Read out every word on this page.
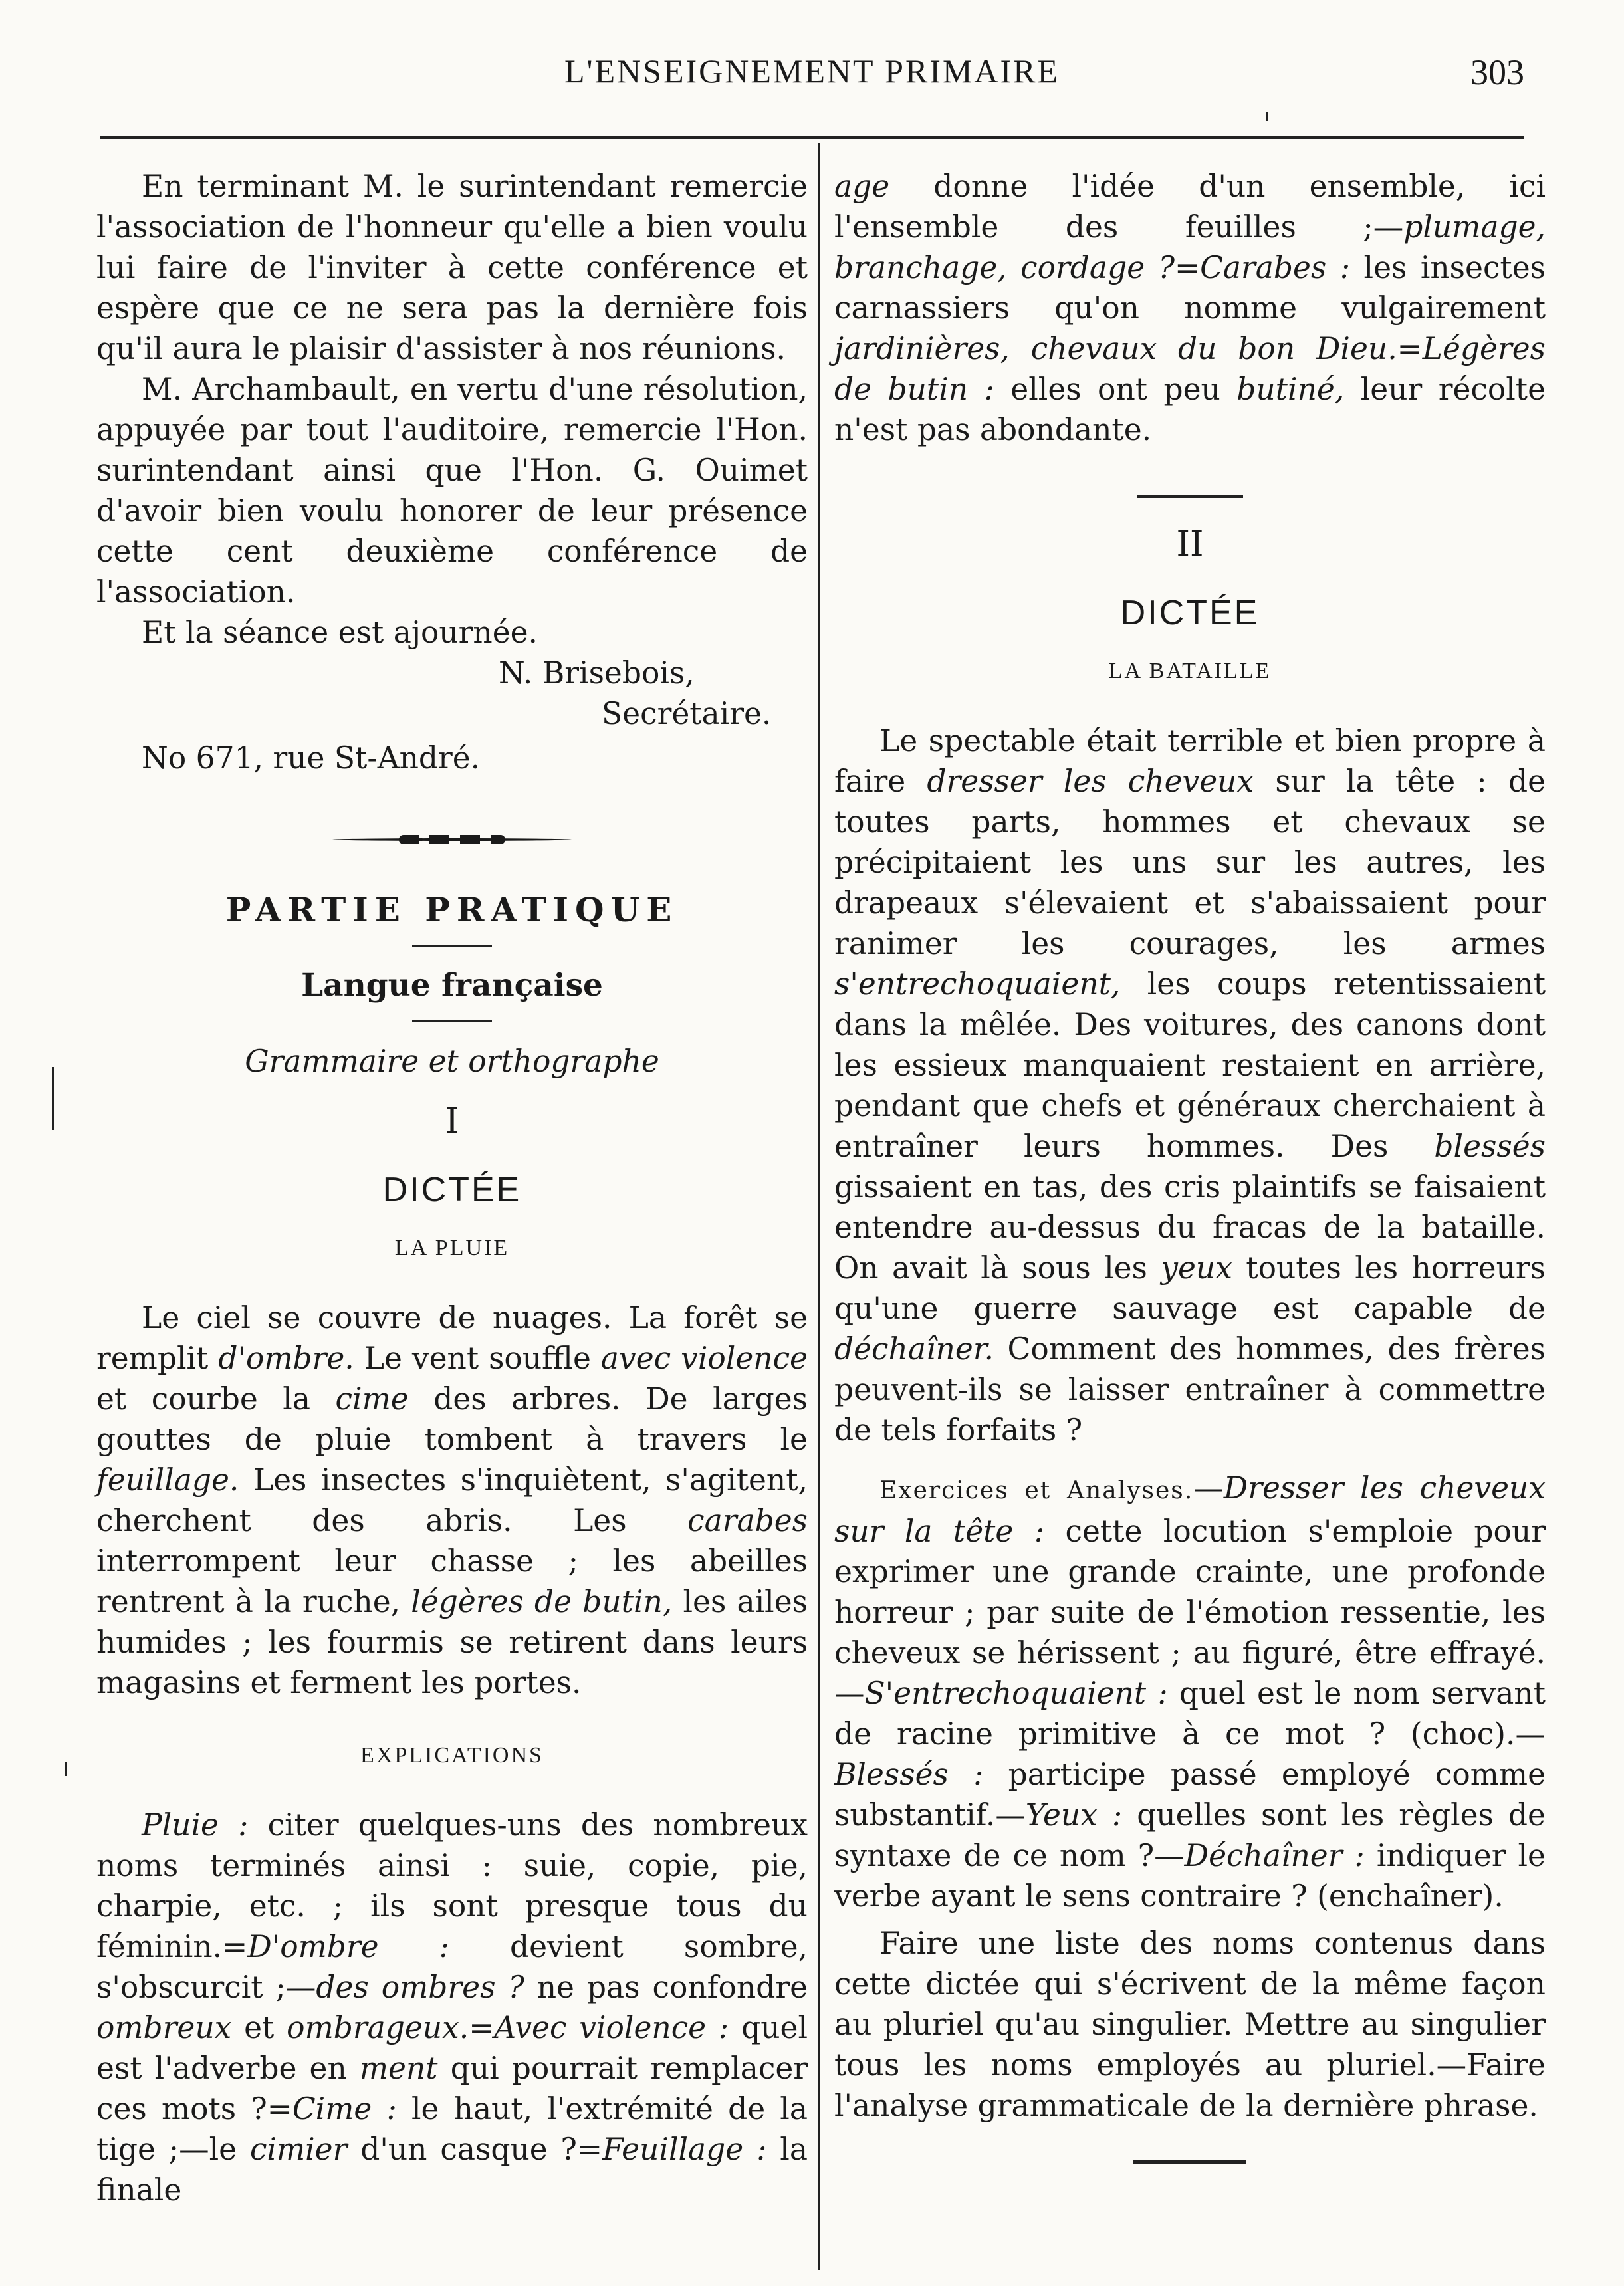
L'ENSEIGNEMENT PRIMAIRE	303

En terminant M. le surintendant remercie l'association de l'honneur qu'elle a bien voulu lui faire de l'inviter à cette conférence et espère que ce ne sera pas la dernière fois qu'il aura le plaisir d'assister à nos réunions.

M. Archambault, en vertu d'une résolution, appuyée par tout l'auditoire, remercie l'Hon. surintendant ainsi que l'Hon. G. Ouimet d'avoir bien voulu honorer de leur présence cette cent deuxième conférence de l'association.

Et la séance est ajournée.

N. Brisebois,

Secrétaire.

No 671, rue St-André.

PARTIE PRATIQUE
Langue française
Grammaire et orthographe
I
DICTÉE
LA PLUIE

Le ciel se couvre de nuages. La forêt se remplit d'ombre. Le vent souffle avec violence et courbe la cime des arbres. De larges gouttes de pluie tombent à travers le feuillage. Les insectes s'inquiètent, s'agitent, cherchent des abris. Les carabes interrompent leur chasse ; les abeilles rentrent à la ruche, légères de butin, les ailes humides ; les fourmis se retirent dans leurs magasins et ferment les portes.

EXPLICATIONS

Pluie : citer quelques-uns des nombreux noms terminés ainsi : suie, copie, pie, charpie, etc. ; ils sont presque tous du féminin.=D'ombre : devient sombre, s'obscurcit ;—des ombres ? ne pas confondre ombreux et ombrageux.=Avec violence : quel est l'adverbe en ment qui pourrait remplacer ces mots ?=Cime : le haut, l'extrémité de la tige ;—le cimier d'un casque ?=Feuillage : la finale

age donne l'idée d'un ensemble, ici l'ensemble des feuilles ;—plumage, branchage, cordage ?=Carabes : les insectes carnassiers qu'on nomme vulgairement jardinières, chevaux du bon Dieu.=Légères de butin : elles ont peu butiné, leur récolte n'est pas abondante.

II
DICTÉE
LA BATAILLE

Le spectable était terrible et bien propre à faire dresser les cheveux sur la tête : de toutes parts, hommes et chevaux se précipitaient les uns sur les autres, les drapeaux s'élevaient et s'abaissaient pour ranimer les courages, les armes s'entrechoquaient, les coups retentissaient dans la mêlée. Des voitures, des canons dont les essieux manquaient restaient en arrière, pendant que chefs et généraux cherchaient à entraîner leurs hommes. Des blessés gissaient en tas, des cris plaintifs se faisaient entendre au-dessus du fracas de la bataille. On avait là sous les yeux toutes les horreurs qu'une guerre sauvage est capable de déchaîner. Comment des hommes, des frères peuvent-ils se laisser entraîner à commettre de tels forfaits ?

Exercices et Analyses.—Dresser les cheveux sur la tête : cette locution s'emploie pour exprimer une grande crainte, une profonde horreur ; par suite de l'émotion ressentie, les cheveux se hérissent ; au figuré, être effrayé.—S'entrechoquaient : quel est le nom servant de racine primitive à ce mot ? (choc).—Blessés : participe passé employé comme substantif.—Yeux : quelles sont les règles de syntaxe de ce nom ?—Déchaîner : indiquer le verbe ayant le sens contraire ? (enchaîner).

Faire une liste des noms contenus dans cette dictée qui s'écrivent de la même façon au pluriel qu'au singulier. Mettre au singulier tous les noms employés au pluriel.—Faire l'analyse grammaticale de la dernière phrase.
